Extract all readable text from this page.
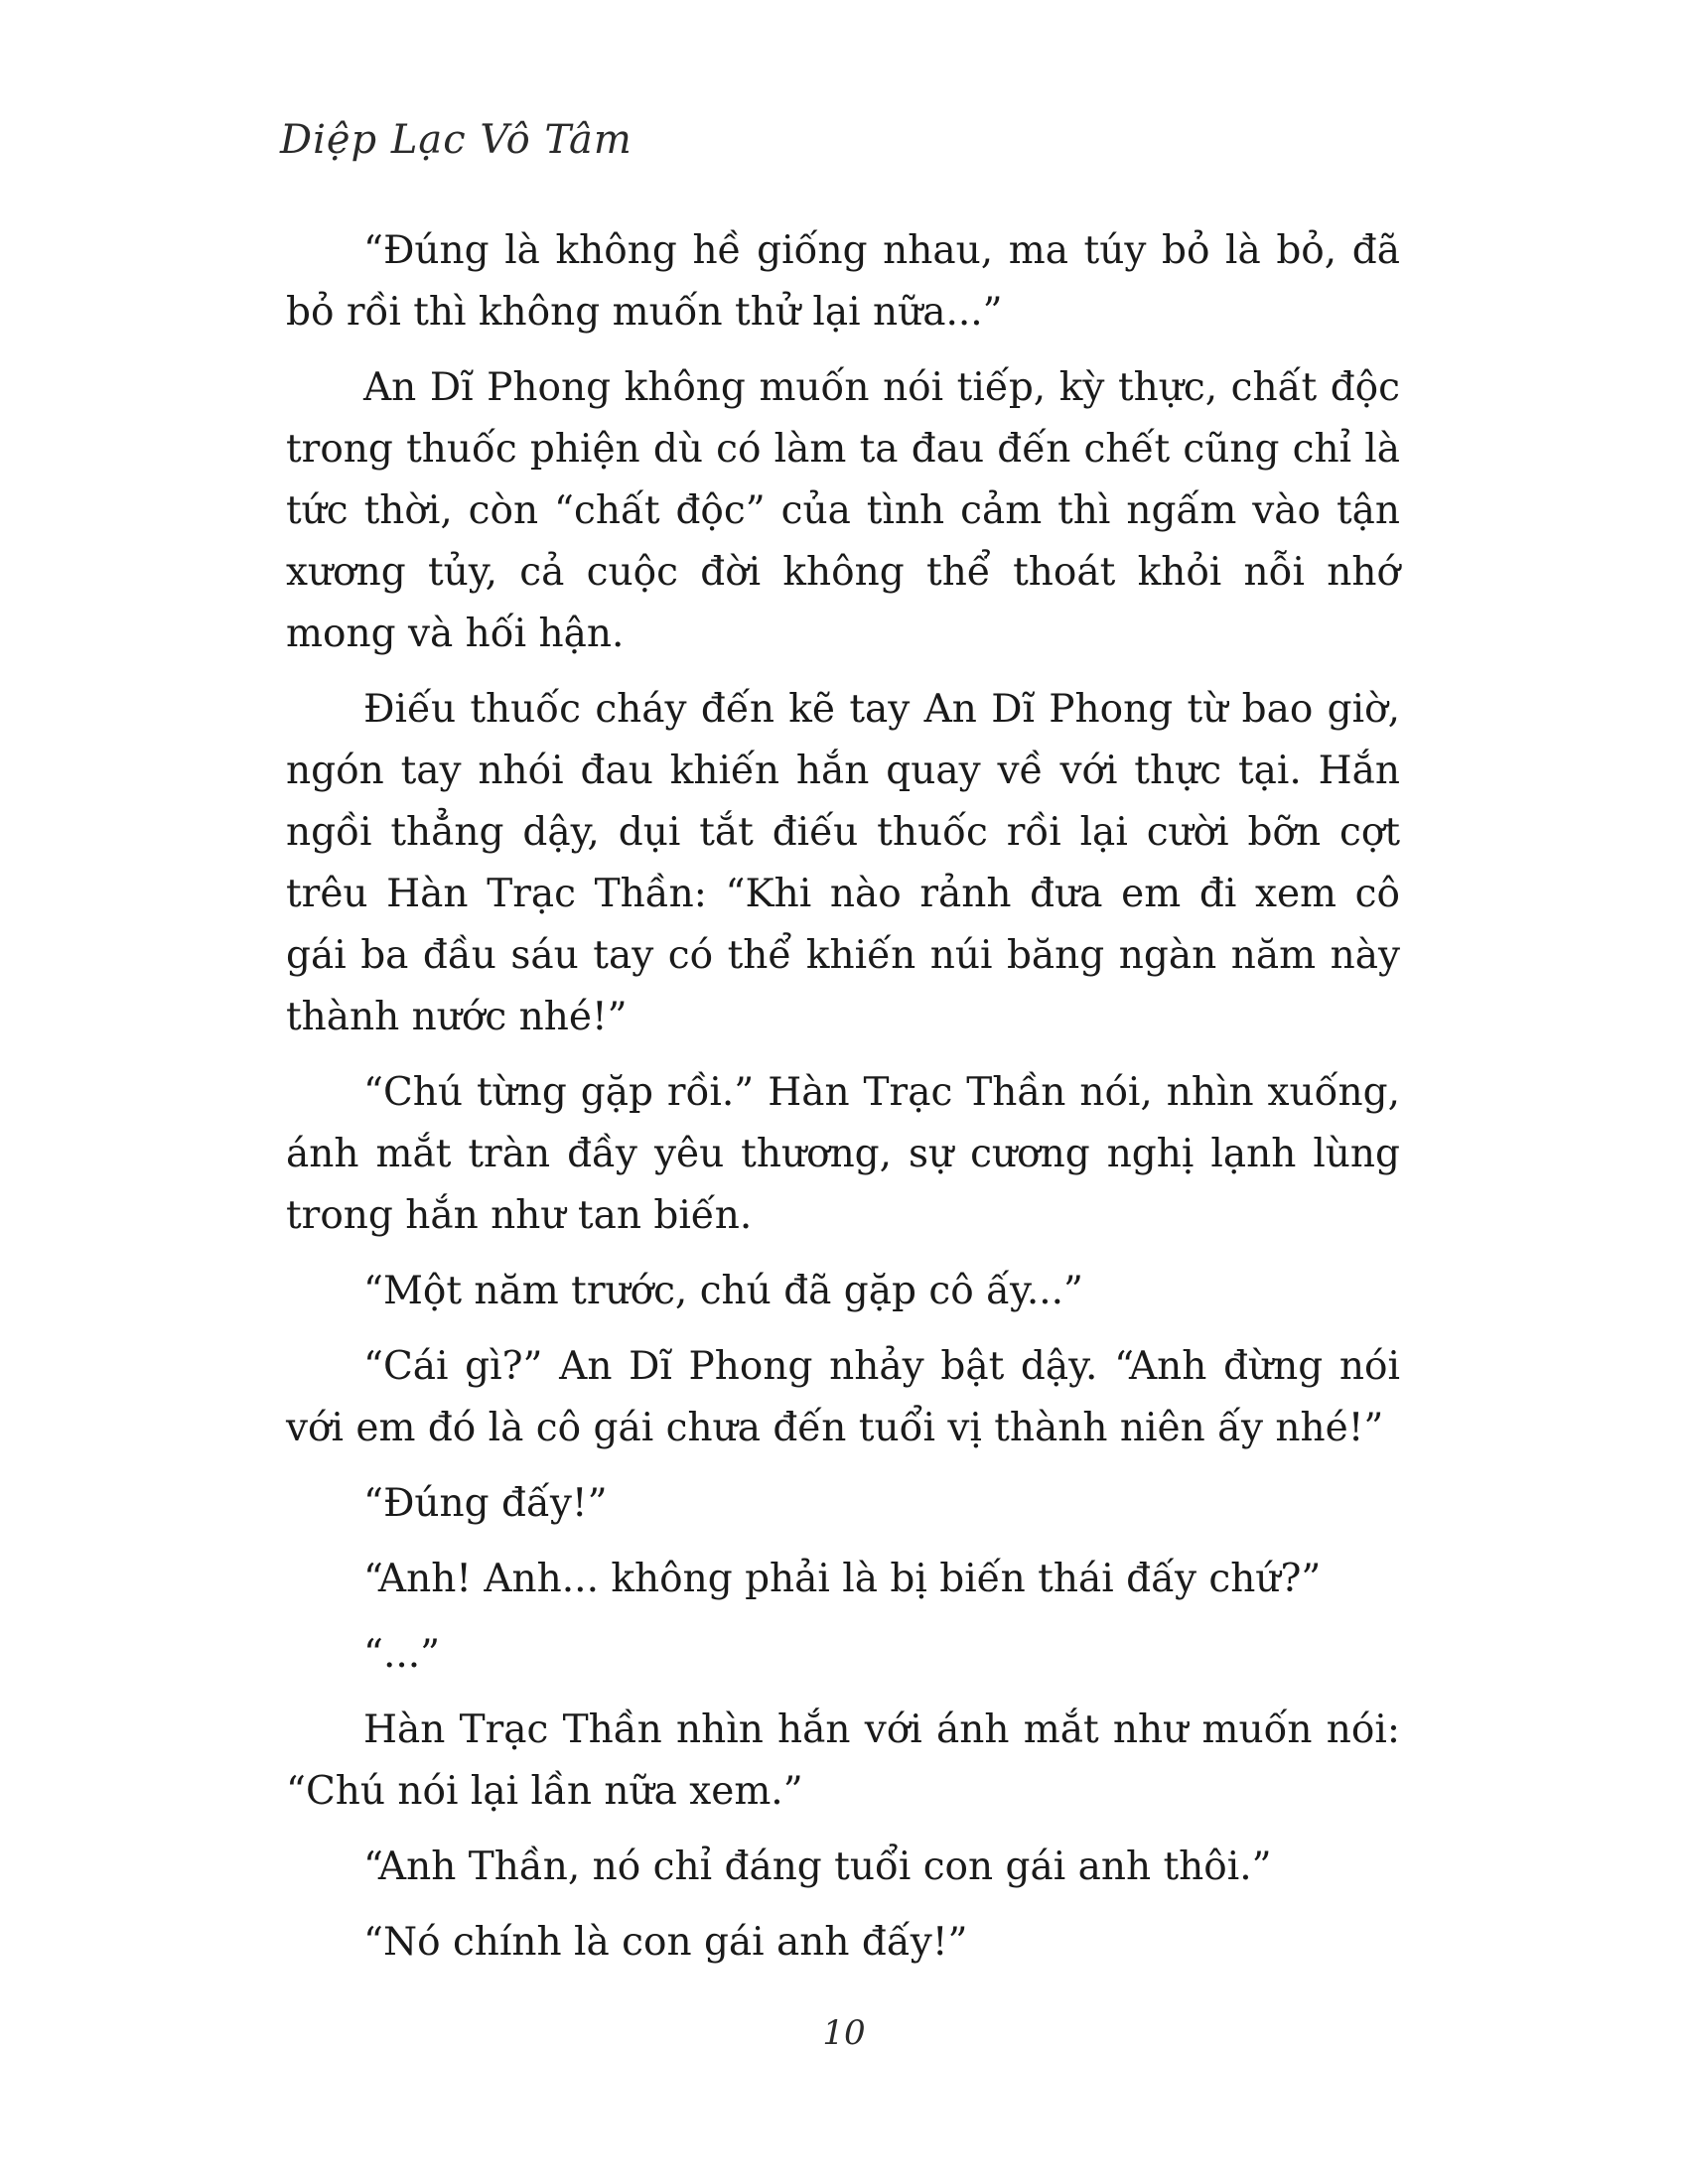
Diệp Lạc Vô Tâm

“Đúng là không hề giống nhau, ma túy bỏ là bỏ, đã bỏ rồi thì không muốn thử lại nữa...”

An Dĩ Phong không muốn nói tiếp, kỳ thực, chất độc trong thuốc phiện dù có làm ta đau đến chết cũng chỉ là tức thời, còn “chất độc” của tình cảm thì ngấm vào tận xương tủy, cả cuộc đời không thể thoát khỏi nỗi nhớ mong và hối hận.

Điếu thuốc cháy đến kẽ tay An Dĩ Phong từ bao giờ, ngón tay nhói đau khiến hắn quay về với thực tại. Hắn ngồi thẳng dậy, dụi tắt điếu thuốc rồi lại cười bỡn cợt trêu Hàn Trạc Thần: “Khi nào rảnh đưa em đi xem cô gái ba đầu sáu tay có thể khiến núi băng ngàn năm này thành nước nhé!”

“Chú từng gặp rồi.” Hàn Trạc Thần nói, nhìn xuống, ánh mắt tràn đầy yêu thương, sự cương nghị lạnh lùng trong hắn như tan biến.

“Một năm trước, chú đã gặp cô ấy...”

“Cái gì?” An Dĩ Phong nhảy bật dậy. “Anh đừng nói với em đó là cô gái chưa đến tuổi vị thành niên ấy nhé!”

“Đúng đấy!”

“Anh! Anh... không phải là bị biến thái đấy chứ?”

“...”

Hàn Trạc Thần nhìn hắn với ánh mắt như muốn nói: “Chú nói lại lần nữa xem.”

“Anh Thần, nó chỉ đáng tuổi con gái anh thôi.”

“Nó chính là con gái anh đấy!”

10
